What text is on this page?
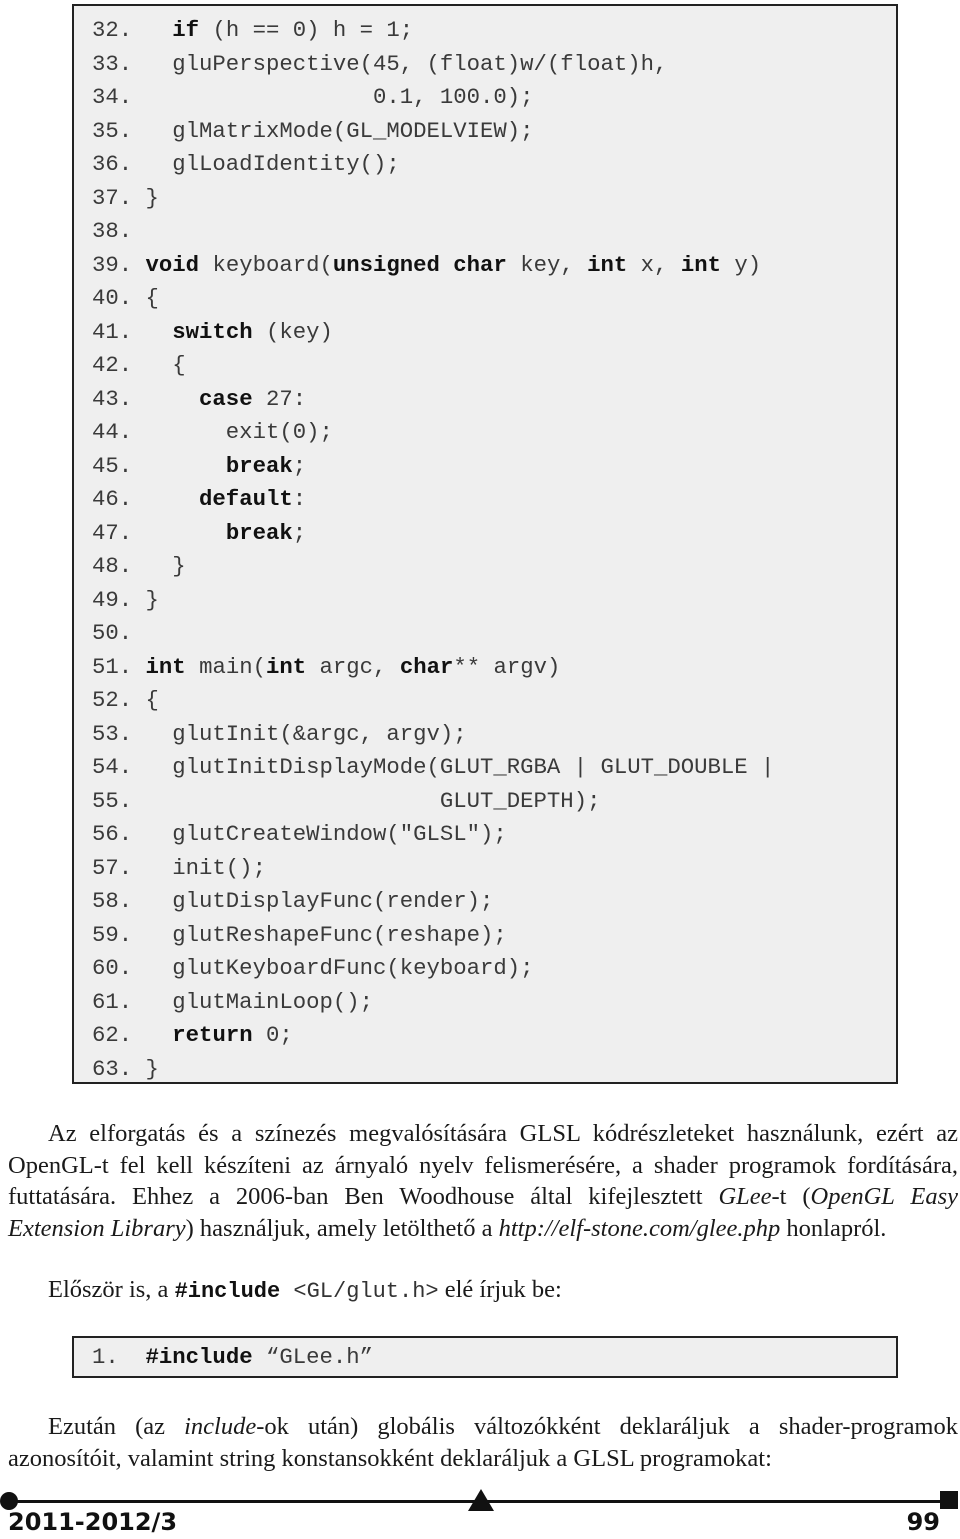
32.   if (h == 0) h = 1;
33.   gluPerspective(45, (float)w/(float)h,
34.                  0.1, 100.0);
35.   glMatrixMode(GL_MODELVIEW);
36.   glLoadIdentity();
37. }
38.
39. void keyboard(unsigned char key, int x, int y)
40. {
41.   switch (key)
42.   {
43.     case 27:
44.       exit(0);
45.       break;
46.     default:
47.       break;
48.   }
49. }
50.
51. int main(int argc, char** argv)
52. {
53.   glutInit(&argc, argv);
54.   glutInitDisplayMode(GLUT_RGBA | GLUT_DOUBLE |
55.                       GLUT_DEPTH);
56.   glutCreateWindow("GLSL");
57.   init();
58.   glutDisplayFunc(render);
59.   glutReshapeFunc(reshape);
60.   glutKeyboardFunc(keyboard);
61.   glutMainLoop();
62.   return 0;
63. }

Az elforgatás és a színezés megvalósítására GLSL kódrészleteket használunk, ezért az OpenGL-t fel kell készíteni az árnyaló nyelv felismerésére, a shader programok fordítására, futtatására. Ehhez a 2006-ban Ben Woodhouse által kifejlesztett GLee-t (OpenGL Easy Extension Library) használjuk, amely letölthető a http://elf-stone.com/glee.php honlapról.

Először is, a #include <GL/glut.h> elé írjuk be:

1.  #include “GLee.h”

Ezután (az include-ok után) globális változókként deklaráljuk a shader-programok azonosítóit, valamint string konstansokként deklaráljuk a GLSL programokat:

2011-2012/3	99
